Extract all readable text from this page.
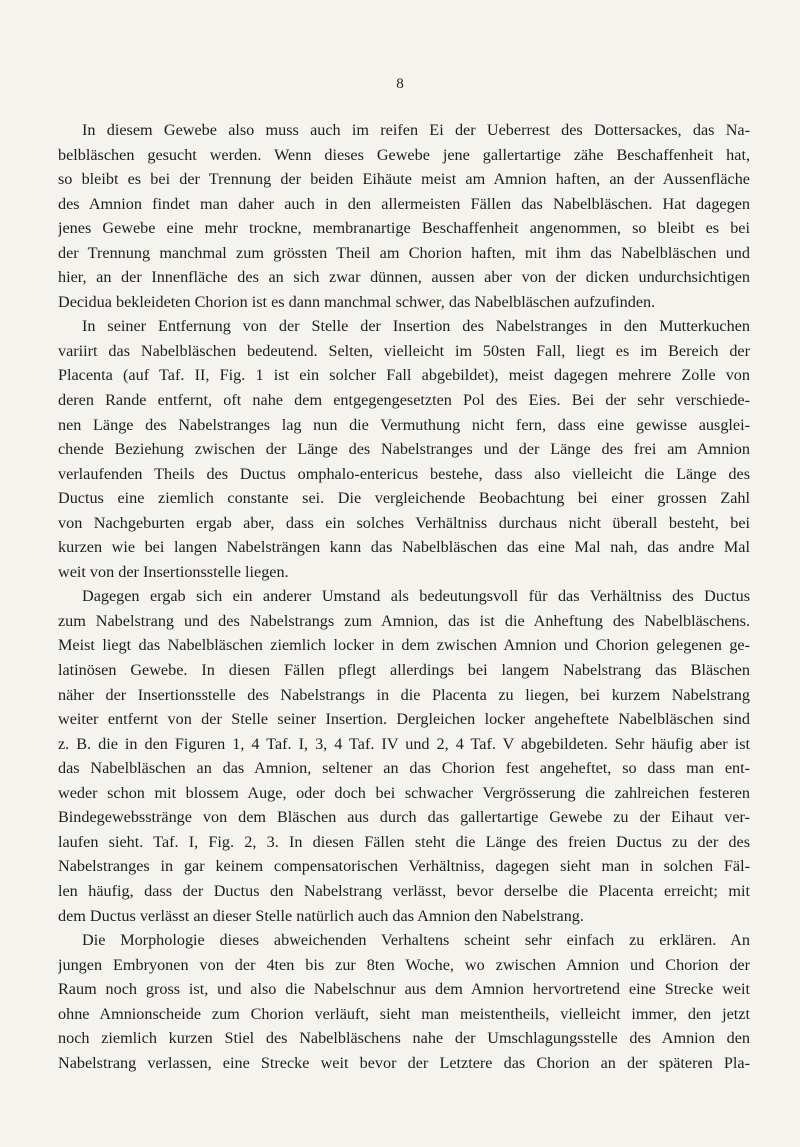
8
In diesem Gewebe also muss auch im reifen Ei der Ueberrest des Dottersackes, das Na-
belbläschen gesucht werden. Wenn dieses Gewebe jene gallertartige zähe Beschaffenheit hat,
so bleibt es bei der Trennung der beiden Eihäute meist am Amnion haften, an der Aussenfläche
des Amnion findet man daher auch in den allermeisten Fällen das Nabelbläschen. Hat dagegen
jenes Gewebe eine mehr trockne, membranartige Beschaffenheit angenommen, so bleibt es bei
der Trennung manchmal zum grössten Theil am Chorion haften, mit ihm das Nabelbläschen und
hier, an der Innenfläche des an sich zwar dünnen, aussen aber von der dicken undurchsichtigen
Decidua bekleideten Chorion ist es dann manchmal schwer, das Nabelbläschen aufzufinden.
In seiner Entfernung von der Stelle der Insertion des Nabelstranges in den Mutterkuchen
variirt das Nabelbläschen bedeutend. Selten, vielleicht im 50sten Fall, liegt es im Bereich der
Placenta (auf Taf. II, Fig. 1 ist ein solcher Fall abgebildet), meist dagegen mehrere Zolle von
deren Rande entfernt, oft nahe dem entgegengesetzten Pol des Eies. Bei der sehr verschiede-
nen Länge des Nabelstranges lag nun die Vermuthung nicht fern, dass eine gewisse ausglei-
chende Beziehung zwischen der Länge des Nabelstranges und der Länge des frei am Amnion
verlaufenden Theils des Ductus omphalo-entericus bestehe, dass also vielleicht die Länge des
Ductus eine ziemlich constante sei. Die vergleichende Beobachtung bei einer grossen Zahl
von Nachgeburten ergab aber, dass ein solches Verhältniss durchaus nicht überall besteht, bei
kurzen wie bei langen Nabelsträngen kann das Nabelbläschen das eine Mal nah, das andre Mal
weit von der Insertionsstelle liegen.
Dagegen ergab sich ein anderer Umstand als bedeutungsvoll für das Verhältniss des Ductus
zum Nabelstrang und des Nabelstrangs zum Amnion, das ist die Anheftung des Nabelbläschens.
Meist liegt das Nabelbläschen ziemlich locker in dem zwischen Amnion und Chorion gelegenen ge-
latinösen Gewebe. In diesen Fällen pflegt allerdings bei langem Nabelstrang das Bläschen
näher der Insertionsstelle des Nabelstrangs in die Placenta zu liegen, bei kurzem Nabelstrang
weiter entfernt von der Stelle seiner Insertion. Dergleichen locker angeheftete Nabelbläschen sind
z. B. die in den Figuren 1, 4 Taf. I, 3, 4 Taf. IV und 2, 4 Taf. V abgebildeten. Sehr häufig aber ist
das Nabelbläschen an das Amnion, seltener an das Chorion fest angeheftet, so dass man ent-
weder schon mit blossem Auge, oder doch bei schwacher Vergrösserung die zahlreichen festeren
Bindegewebsstränge von dem Bläschen aus durch das gallertartige Gewebe zu der Eihaut ver-
laufen sieht. Taf. I, Fig. 2, 3. In diesen Fällen steht die Länge des freien Ductus zu der des
Nabelstranges in gar keinem compensatorischen Verhältniss, dagegen sieht man in solchen Fäl-
len häufig, dass der Ductus den Nabelstrang verlässt, bevor derselbe die Placenta erreicht; mit
dem Ductus verlässt an dieser Stelle natürlich auch das Amnion den Nabelstrang.
Die Morphologie dieses abweichenden Verhaltens scheint sehr einfach zu erklären. An
jungen Embryonen von der 4ten bis zur 8ten Woche, wo zwischen Amnion und Chorion der
Raum noch gross ist, und also die Nabelschnur aus dem Amnion hervortretend eine Strecke weit
ohne Amnionscheide zum Chorion verläuft, sieht man meistentheils, vielleicht immer, den jetzt
noch ziemlich kurzen Stiel des Nabelbläschens nahe der Umschlagungsstelle des Amnion den
Nabelstrang verlassen, eine Strecke weit bevor der Letztere das Chorion an der späteren Pla-
